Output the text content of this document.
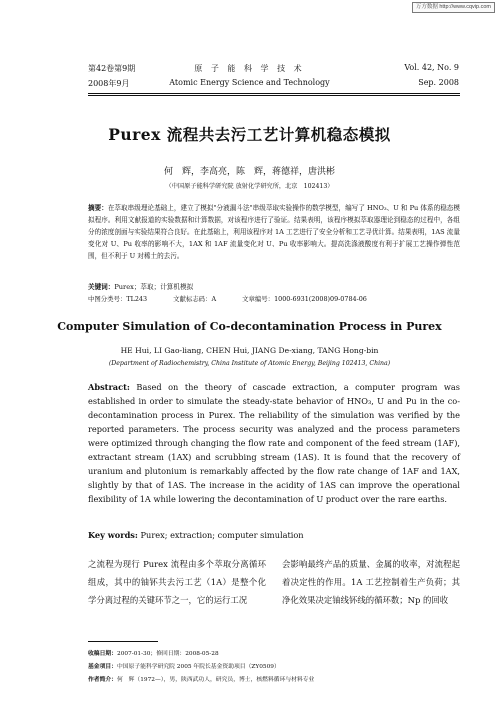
万方数据 http://www.cqvip.com
第42卷第9期
2008年9月
原 子 能 科 学 技 术
Atomic Energy Science and Technology
Vol. 42, No. 9
Sep. 2008
Purex 流程共去污工艺计算机稳态模拟
何　辉，李高亮，陈　辉，蒋德祥，唐洪彬
（中国原子能科学研究院 放射化学研究所，北京　102413）
摘要：在萃取串级理论基础上，建立了模拟"分液漏斗法"串级萃取实验操作的数学模型，编写了 HNO₃、U 和 Pu 体系的稳态模拟程序。利用文献报道的实验数据和计算数据，对该程序进行了验证。结果表明，该程序模拟萃取器理论到稳态的过程中，各组分的浓度剖面与实验结果符合良好。在此基础上，利用该程序对 1A 工艺进行了安全分析和工艺寻优计算。结果表明，1AS 流量变化对 U、Pu 收率的影响不大，1AX 和 1AF 流量变化对 U、Pu 收率影响大。提高洗涤液酸度有利于扩展工艺操作弹性范围，但不利于 U 对稀土的去污。
关键词：Purex；萃取；计算机模拟
中图分类号：TL243	文献标志码：A	文章编号：1000-6931(2008)09-0784-06
Computer Simulation of Co-decontamination Process in Purex
HE Hui, LI Gao-liang, CHEN Hui, JIANG De-xiang, TANG Hong-bin
(Department of Radiochemistry, China Institute of Atomic Energy, Beijing 102413, China)
Abstract: Based on the theory of cascade extraction, a computer program was established in order to simulate the steady-state behavior of HNO₃, U and Pu in the co-decontamination process in Purex. The reliability of the simulation was verified by the reported parameters. The process security was analyzed and the process parameters were optimized through changing the flow rate and component of the feed stream (1AF), extractant stream (1AX) and scrubbing stream (1AS). It is found that the recovery of uranium and plutonium is remarkably affected by the flow rate change of 1AF and 1AX, slightly by that of 1AS. The increase in the acidity of 1AS can improve the operational flexibility of 1A while lowering the decontamination of U product over the rare earths.
Key words: Purex; extraction; computer simulation
之流程为现行 Purex 流程由多个萃取分离循环组成，其中的铀钚共去污工艺（1A）是整个化学分离过程的关键环节之一，它的运行工况
会影响最终产品的质量、金属的收率，对流程起着决定性的作用。1A 工艺控制着生产负荷；其净化效果决定铀线钚线的循环数；Np 的回收
收稿日期：2007-01-30；修回日期：2008-05-28
基金项目：中国原子能科学研究院 2005 年院长基金资助项目（ZY0509）
作者简介：何　辉（1972—），男，陕西武功人，研究员，博士，核燃料循环与材料专业
